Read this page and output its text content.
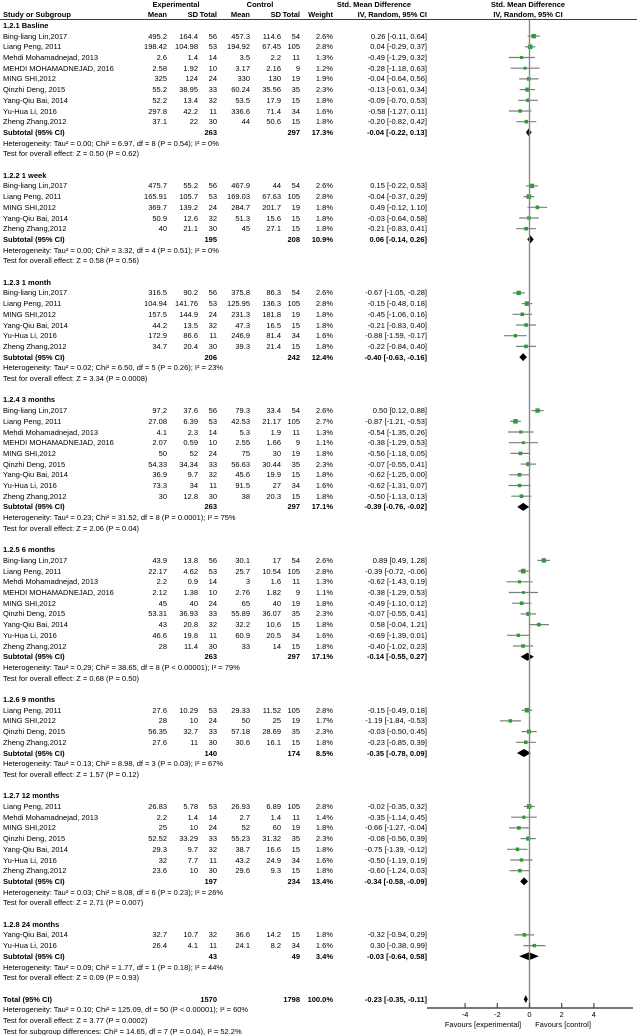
Experimental	Control	Std. Mean Difference	Std. Mean Difference
IV, Random, 95% CI
Study or Subgroup	Mean	SD Total	Mean	SD Total	Weight	IV, Random, 95% CI
1.2.1 Basline
Bing-liang Lin,2017	495.2	164.4	56	457.3	114.6	54	2.6%	0.26 [-0.11, 0.64]
Liang Peng, 2011	198.42	104.98	53	194.92	67.45 105	2.8%	0.04 [-0.29, 0.37]
Mehdi Mohamadnejad, 2013	2.6	1.4	14	3.5	2.2	11	1.3%	-0.49 [-1.29, 0.32]
MEHDI MOHAMADNEJAD, 2016	2.58	1.92	10	3.17	2.16	9	1.2%	-0.28 [-1.18, 0.63]
MING SHI,2012	325	124	24	330	130	19	1.9%	-0.04 [-0.64, 0.56]
Qinzhi Deng, 2015	55.2	38.95	33	60.24	35.56	35	2.3%	-0.13 [-0.61, 0.34]
Yang-Qiu Bai, 2014	52.2	13.4	32	53.5	17.9	15	1.8%	-0.09 [-0.70, 0.53]
Yu-Hua Li, 2016	297.8	42.2	11	336.6	71.4	34	1.6%	-0.58 [-1.27, 0.11]
Zheng Zhang,2012	37.1	22	30	44	50.6	15	1.8%	-0.20 [-0.82, 0.42]
Subtotal (95% CI)	263	297	17.3%	-0.04 [-0.22, 0.13]
Heterogeneity: Tau² = 0.00; Chi² = 6.97, df = 8 (P = 0.54); I² = 0%
Test for overall effect: Z = 0.50 (P = 0.62)
1.2.2 1 week
Bing-liang Lin,2017	475.7	55.2	56	467.9	44	54	2.6%	0.15 [-0.22, 0.53]
Liang Peng, 2011	165.91	105.7	53	169.03	67.63 105	2.8%	-0.04 [-0.37, 0.29]
MING SHI,2012	369.7	139.2	24	284.7	201.7	19	1.8%	0.49 [-0.12, 1.10]
Yang-Qiu Bai, 2014	50.9	12.6	32	51.3	15.6	15	1.8%	-0.03 [-0.64, 0.58]
Zheng Zhang,2012	40	21.1	30	45	27.1	15	1.8%	-0.21 [-0.83, 0.41]
Subtotal (95% CI)	195	208	10.9%	0.06 [-0.14, 0.26]
Heterogeneity: Tau² = 0.00; Chi² = 3.32, df = 4 (P = 0.51); I² = 0%
Test for overall effect: Z = 0.58 (P = 0.56)
1.2.3 1 month
Bing-liang Lin,2017	316.5	90.2	56	375.8	86.3	54	2.6%	-0.67 [-1.05, -0.28]
Liang Peng, 2011	104.94	141.76	53	125.95	136.3 105	2.8%	-0.15 [-0.48, 0.18]
MING SHI,2012	157.5	144.9	24	231.3	181.8	19	1.8%	-0.45 [-1.06, 0.16]
Yang-Qiu Bai, 2014	44.2	13.5	32	47.3	16.5	15	1.8%	-0.21 [-0.83, 0.40]
Yu-Hua Li, 2016	172.9	86.6	11	246.9	81.4	34	1.6%	-0.88 [-1.59, -0.17]
Zheng Zhang,2012	34.7	20.4	30	39.3	21.4	15	1.8%	-0.22 [-0.84, 0.40]
Subtotal (95% CI)	206	242	12.4%	-0.40 [-0.63, -0.16]
Heterogeneity: Tau² = 0.02; Chi² = 6.50, df = 5 (P = 0.26); I² = 23%
Test for overall effect: Z = 3.34 (P = 0.0008)
1.2.4 3 months
Bing-liang Lin,2017	97.2	37.6	56	79.3	33.4	54	2.6%	0.50 [0.12, 0.88]
Liang Peng, 2011	27.08	6.39	53	42.53	21.17 105	2.7%	-0.87 [-1.21, -0.53]
Mehdi Mohamadnejad, 2013	4.1	2.3	14	5.3	1.9	11	1.3%	-0.54 [-1.35, 0.26]
MEHDI MOHAMADNEJAD, 2016	2.07	0.59	10	2.55	1.66	9	1.1%	-0.38 [-1.29, 0.53]
MING SHI,2012	50	52	24	75	30	19	1.8%	-0.56 [-1.18, 0.05]
Qinzhi Deng, 2015	54.33	34.34	33	56.63	30.44	35	2.3%	-0.07 [-0.55, 0.41]
Yang-Qiu Bai, 2014	36.9	9.7	32	45.6	19.9	15	1.8%	-0.62 [-1.25, 0.00]
Yu-Hua Li, 2016	73.3	34	11	91.5	27	34	1.6%	-0.62 [-1.31, 0.07]
Zheng Zhang,2012	30	12.8	30	38	20.3	15	1.8%	-0.50 [-1.13, 0.13]
Subtotal (95% CI)	263	297	17.1%	-0.39 [-0.76, -0.02]
Heterogeneity: Tau² = 0.23; Chi² = 31.52, df = 8 (P = 0.0001); I² = 75%
Test for overall effect: Z = 2.06 (P = 0.04)
1.2.5 6 months
Bing-liang Lin,2017	43.9	13.8	56	30.1	17	54	2.6%	0.89 [0.49, 1.28]
Liang Peng, 2011	22.17	4.62	53	25.7	10.54 105	2.8%	-0.39 [-0.72, -0.06]
Mehdi Mohamadnejad, 2013	2.2	0.9	14	3	1.6	11	1.3%	-0.62 [-1.43, 0.19]
MEHDI MOHAMADNEJAD, 2016	2.12	1.38	10	2.76	1.82	9	1.1%	-0.38 [-1.29, 0.53]
MING SHI,2012	45	40	24	65	40	19	1.8%	-0.49 [-1.10, 0.12]
Qinzhi Deng, 2015	53.31	36.93	33	55.89	36.07	35	2.3%	-0.07 [-0.55, 0.41]
Yang-Qiu Bai, 2014	43	20.8	32	32.2	10.6	15	1.8%	0.58 [-0.04, 1.21]
Yu-Hua Li, 2016	46.6	19.8	11	60.9	20.5	34	1.6%	-0.69 [-1.39, 0.01]
Zheng Zhang,2012	28	11.4	30	33	14	15	1.8%	-0.40 [-1.02, 0.23]
Subtotal (95% CI)	263	297	17.1%	-0.14 [-0.55, 0.27]
Heterogeneity: Tau² = 0.29; Chi² = 38.65, df = 8 (P < 0.00001); I² = 79%
Test for overall effect: Z = 0.68 (P = 0.50)
1.2.6 9 months
Liang Peng, 2011	27.6	10.29	53	29.33	11.52 105	2.8%	-0.15 [-0.49, 0.18]
MING SHI,2012	28	10	24	50	25	19	1.7%	-1.19 [-1.84, -0.53]
Qinzhi Deng, 2015	56.35	32.7	33	57.18	28.69	35	2.3%	-0.03 [-0.50, 0.45]
Zheng Zhang,2012	27.6	11	30	30.6	16.1	15	1.8%	-0.23 [-0.85, 0.39]
Subtotal (95% CI)	140	174	8.5%	-0.35 [-0.78, 0.09]
Heterogeneity: Tau² = 0.13; Chi² = 8.98, df = 3 (P = 0.03); I² = 67%
Test for overall effect: Z = 1.57 (P = 0.12)
1.2.7 12 months
Liang Peng, 2011	26.83	5.78	53	26.93	6.89 105	2.8%	-0.02 [-0.35, 0.32]
Mehdi Mohamadnejad, 2013	2.2	1.4	14	2.7	1.4	11	1.4%	-0.35 [-1.14, 0.45]
MING SHI,2012	25	10	24	52	60	19	1.8%	-0.66 [-1.27, -0.04]
Qinzhi Deng, 2015	52.52	33.29	33	55.23	31.32	35	2.3%	-0.08 [-0.56, 0.39]
Yang-Qiu Bai, 2014	29.3	9.7	32	38.7	16.6	15	1.8%	-0.75 [-1.39, -0.12]
Yu-Hua Li, 2016	32	7.7	11	43.2	24.9	34	1.6%	-0.50 [-1.19, 0.19]
Zheng Zhang,2012	23.6	10	30	29.6	9.3	15	1.8%	-0.60 [-1.24, 0.03]
Subtotal (95% CI)	197	234	13.4%	-0.34 [-0.58, -0.09]
Heterogeneity: Tau² = 0.03; Chi² = 8.08, df = 6 (P = 0.23); I² = 26%
Test for overall effect: Z = 2.71 (P = 0.007)
1.2.8 24 months
Yang-Qiu Bai, 2014	32.7	10.7	32	36.6	14.2	15	1.8%	-0.32 [-0.94, 0.29]
Yu-Hua Li, 2016	26.4	4.1	11	24.1	8.2	34	1.6%	0.30 [-0.38, 0.99]
Subtotal (95% CI)	43	49	3.4%	-0.03 [-0.64, 0.58]
Heterogeneity: Tau² = 0.09; Chi² = 1.77, df = 1 (P = 0.18); I² = 44%
Test for overall effect: Z = 0.09 (P = 0.93)
Total (95% CI)	1570	1798	100.0%	-0.23 [-0.35, -0.11]
Heterogeneity: Tau² = 0.10; Chi² = 125.09, df = 50 (P < 0.00001); I² = 60%
Test for overall effect: Z = 3.77 (P = 0.0002)
Test for subgroup differences: Chi² = 14.65, df = 7 (P = 0.04), I² = 52.2%
-4	-2	0	2	4
Favours [experimental]	Favours [control]
